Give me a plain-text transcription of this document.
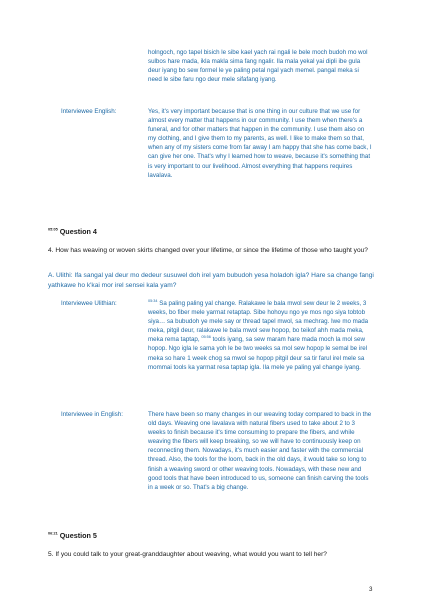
holngoch, ngo tapel bisich le sibe kael yach rai ngali le bele moch budoh mo wol sulbos hare mada, ikla makla sima fang ngalir. Ila mala yekal yai dipli ibe gula deur iyang bo sew formel le ye paling petal ngal yach memel. pangal meka si need le sibe faru ngo deur mele sifafang iyang.

Interviewee English:	Yes, it's very important because that is one thing in our culture that we use for almost every matter that happens in our community. I use them when there's a funeral, and for other matters that happen in the community. I use them also on my clothing, and I give them to my parents, as well. I like to make them so that, when any of my sisters come from far away I am happy that she has come back, I can give her one. That's why I learned how to weave, because it's something that is very important to our livelihood. Almost everything that happens requires lavalava.

$^{05:05}$ Question 4

4. How has weaving or woven skirts changed over your lifetime, or since the lifetime of those who taught you?

A. Ulithi: Ifa sangal yal deur mo dedeur susuwel doh irel yam bubudoh yesa holadoh igla? Hare sa change fangi yathkawe ho k'kai mor irel sensei kala yam?

Interviewee Ulithian:	$^{05:34}$ Sa paling paling yal change. Ralakawe le bala mwol sew deur le 2 weeks, 3 weeks, bo fiber mele yarmat retaptap. Sibe hohoyu ngo ye mos ngo siya tobtob siya… sa bubudoh ye mele say or thread tapel mwol, sa mechrag. Iwe mo mada meka, pitgil deur, ralakawe le bala mwol sew hopop, bo teikof ahh mada meka, meka rema taptap, $^{05:56}$ tools iyang, sa sew maram hare mada moch la mol sew hopop. Ngo igla le sama yoh le be two weeks sa mol sew hopop le semal be irel meka so hare 1 week chog sa mwol se hopop pitgil deur sa tir farul irel mele sa mommai tools ka yarmat resa taptap igla. Ila mele ye paling yal change iyang.

Interviewee in English:	There have been so many changes in our weaving today compared to back in the old days. Weaving one lavalava with natural fibers used to take about 2 to 3 weeks to finish because it's time consuming to prepare the fibers, and while weaving the fibers will keep breaking, so we will have to continuously keep on reconnecting them. Nowadays, it's much easier and faster with the commercial thread. Also, the tools for the loom, back in the old days, it would take so long to finish a weaving sword or other weaving tools. Nowadays, with these new and good tools that have been introduced to us, someone can finish carving the tools in a week or so. That's a big change.

$^{06:21}$ Question 5

5. If you could talk to your great-granddaughter about weaving, what would you want to tell her?

3
